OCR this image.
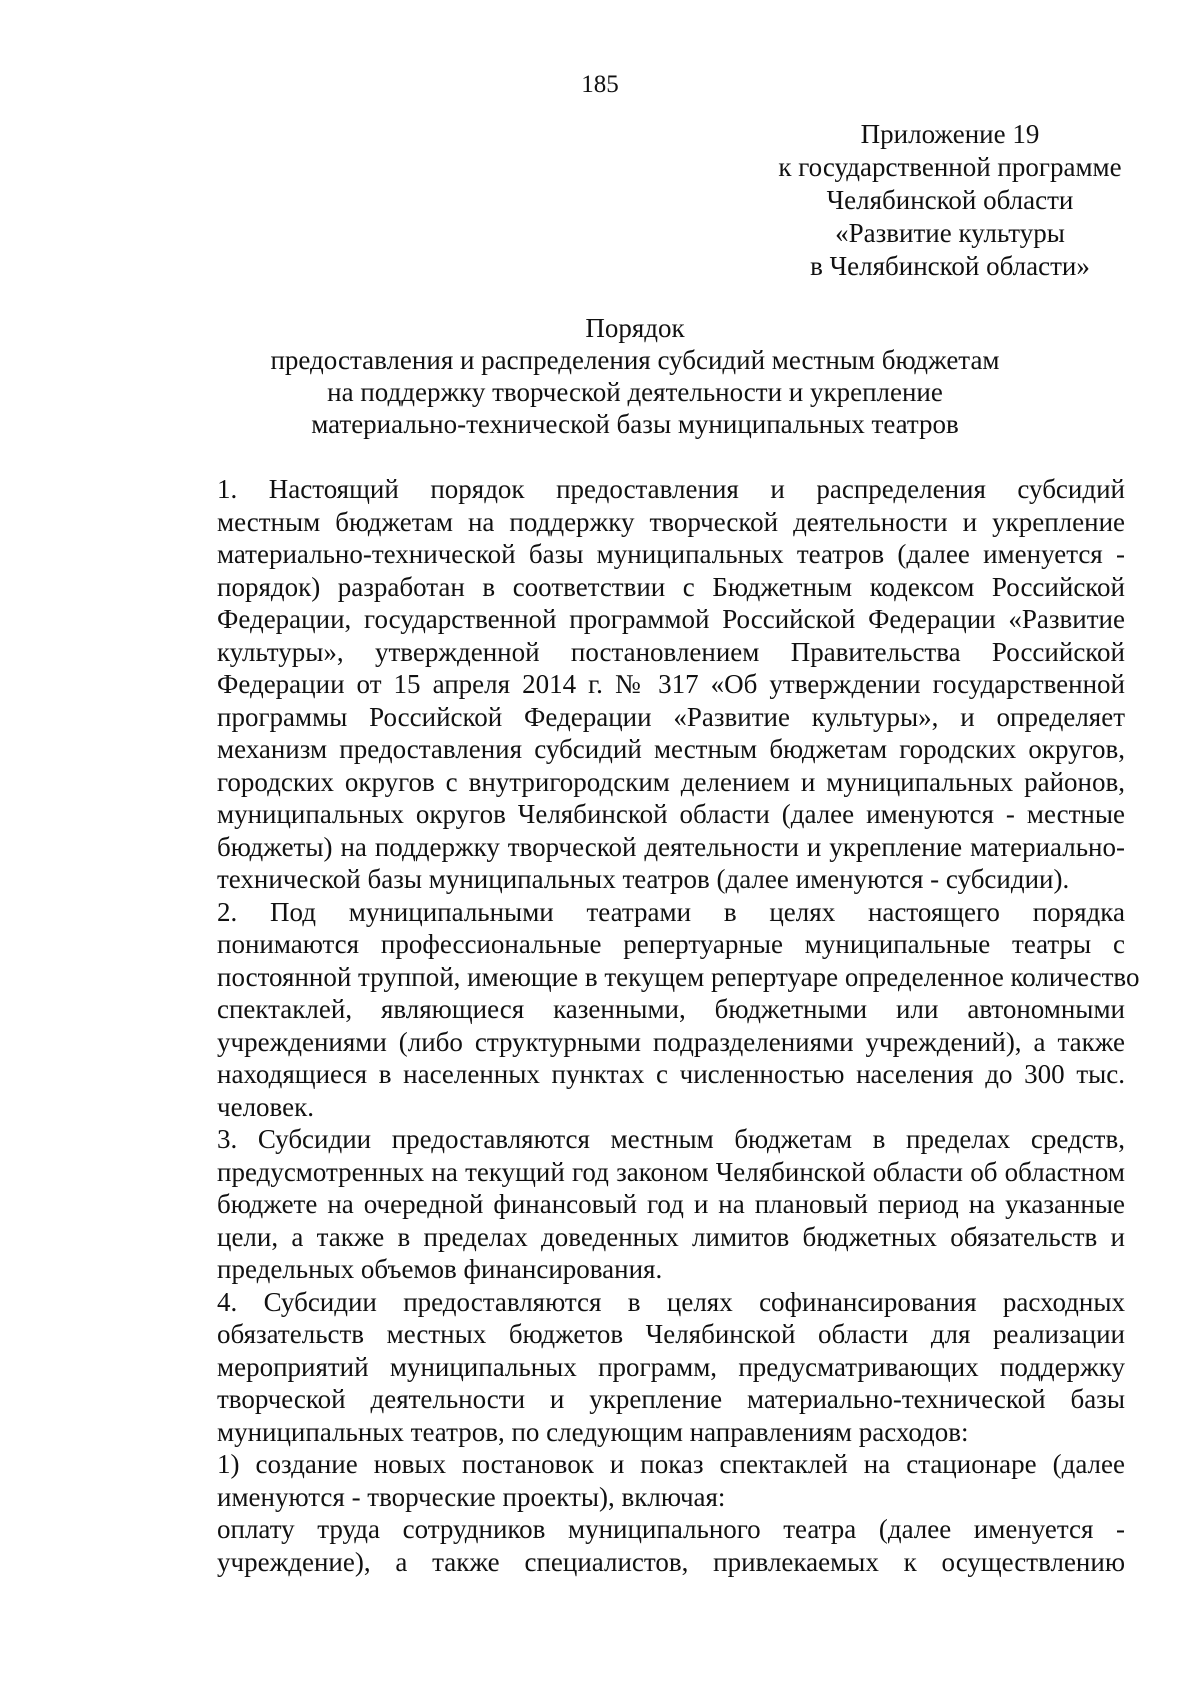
185
Приложение 19
к государственной программе
Челябинской области
«Развитие культуры
в Челябинской области»
Порядок
предоставления и распределения субсидий местным бюджетам
на поддержку творческой деятельности и укрепление
материально-технической базы муниципальных театров

1. Настоящий порядок предоставления и распределения субсидий
местным бюджетам на поддержку творческой деятельности и укрепление
материально-технической базы муниципальных театров (далее именуется -
порядок) разработан в соответствии с Бюджетным кодексом Российской
Федерации, государственной программой Российской Федерации «Развитие
культуры», утвержденной постановлением Правительства Российской
Федерации от 15 апреля 2014 г. № 317 «Об утверждении государственной
программы Российской Федерации «Развитие культуры», и определяет
механизм предоставления субсидий местным бюджетам городских округов,
городских округов с внутригородским делением и муниципальных районов,
муниципальных округов Челябинской области (далее именуются - местные
бюджеты) на поддержку творческой деятельности и укрепление материально-
технической базы муниципальных театров (далее именуются - субсидии).

2. Под муниципальными театрами в целях настоящего порядка
понимаются профессиональные репертуарные муниципальные театры с
постоянной труппой, имеющие в текущем репертуаре определенное количество
спектаклей, являющиеся казенными, бюджетными или автономными
учреждениями (либо структурными подразделениями учреждений), а также
находящиеся в населенных пунктах с численностью населения до 300 тыс.
человек.

3. Субсидии предоставляются местным бюджетам в пределах средств,
предусмотренных на текущий год законом Челябинской области об областном
бюджете на очередной финансовый год и на плановый период на указанные
цели, а также в пределах доведенных лимитов бюджетных обязательств и
предельных объемов финансирования.

4. Субсидии предоставляются в целях софинансирования расходных
обязательств местных бюджетов Челябинской области для реализации
мероприятий муниципальных программ, предусматривающих поддержку
творческой деятельности и укрепление материально-технической базы
муниципальных театров, по следующим направлениям расходов:

1) создание новых постановок и показ спектаклей на стационаре (далее
именуются - творческие проекты), включая:

оплату труда сотрудников муниципального театра (далее именуется -
учреждение), а также специалистов, привлекаемых к осуществлению
